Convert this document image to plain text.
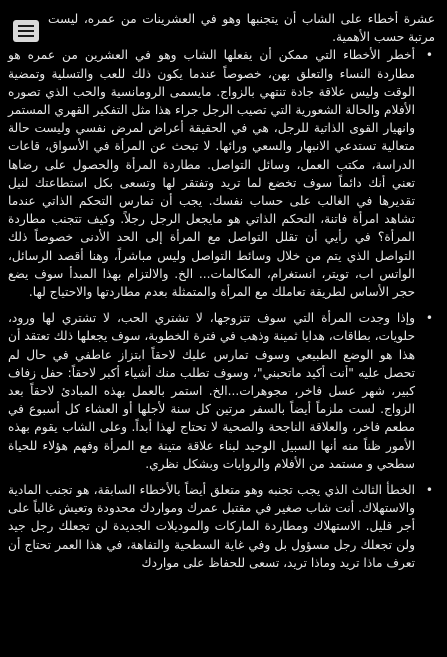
عشرة أخطاء على الشاب أن يتجنبها وهو في العشرينات من عمره، ليست مرتبة حسب الأهمية.

• أخطر الأخطاء التي ممكن أن يفعلها الشاب وهو في العشرين من عمره هو مطاردة النساء والتعلق بهن، خصوصاً عندما يكون ذلك للعب والتسلية وتمضية الوقت وليس علاقة جادة تنتهي بالزواج. مايسمى الرومانسية والحب الذي تصوره الأفلام والحالة الشعورية التي تصيب الرجل جراء هذا مثل التفكير القهري المستمر وانهيار القوى الذاتية للرجل، هي في الحقيقة أعراض لمرض نفسي وليست حالة متعالية تستدعي الانبهار والسعي ورائها. لا تبحث عن المرأة في الأسواق، قاعات الدراسة، مكتب العمل، وسائل التواصل. مطاردة المرأة والحصول على رضاها تعني أنك دائماً سوف تخضع لما تريد وتفتقر لها وتسعى بكل استطاعتك لنيل تقديرها في الغالب على حساب نفسك. يجب أن تمارس التحكم الذاتي عندما تشاهد امرأة فاتنة، التحكم الذاتي هو مايجعل الرجل رجلاً. وكيف تتجنب مطاردة المرأة؟ في رأيي أن تقلل التواصل مع المرأة إلى الحد الأدنى خصوصاً ذلك التواصل الذي يتم من خلال وسائط التواصل وليس مباشراً، وهنا أقصد الرسائل، الواتس اب، تويتر، انستغرام، المكالمات... الخ. والالتزام بهذا المبدأ سوف يضع حجر الأساس لطريقة تعاملك مع المرأة والمتمثلة بعدم مطاردتها والاحتياج لها.
• وإذا وجدت المرأة التي سوف تتزوجها، لا تشتري الحب، لا تشتري لها ورود، حلويات، بطاقات، هدايا ثمينة وذهب في فترة الخطوبة، سوف يجعلها ذلك تعتقد أن هذا هو الوضع الطبيعي وسوف تمارس عليك لاحقاً ابتزاز عاطفي في حال لم تحصل عليه "أنت أكيد ماتحبني"، وسوف تطلب منك أشياء أكبر لاحقاً: حفل زفاف كبير، شهر عسل فاخر، مجوهرات...الخ. استمر بالعمل بهذه المبادئ لاحقاً بعد الزواج. لست ملزماً أيضاً بالسفر مرتين كل سنة لأجلها أو العشاء كل أسبوع في مطعم فاخر، والعلاقة الناجحة والصحية لا تحتاج لهذا أبداً. وعلى الشاب يقوم بهذه الأمور ظناً منه أنها السبيل الوحيد لبناء علاقة متينة مع المرأة وفهم هؤلاء للحياة سطحي و مستمد من الأفلام والروايات وبشكل نظري.
• الخطأ الثالث الذي يجب تجنبه وهو متعلق أيضاً بالأخطاء السابقة، هو تجنب المادية والاستهلاك. أنت شاب صغير في مقتبل عمرك ومواردك محدودة وتعيش غالباً على أجر قليل. الاستهلاك ومطاردة الماركات والموديلات الجديدة لن تجعلك رجل جيد ولن تجعلك رجل مسؤول بل وفي غاية السطحية والتفاهة، في هذا العمر تحتاج أن تعرف ماذا تريد وماذا تريد، تسعى للحفاظ على مواردك
